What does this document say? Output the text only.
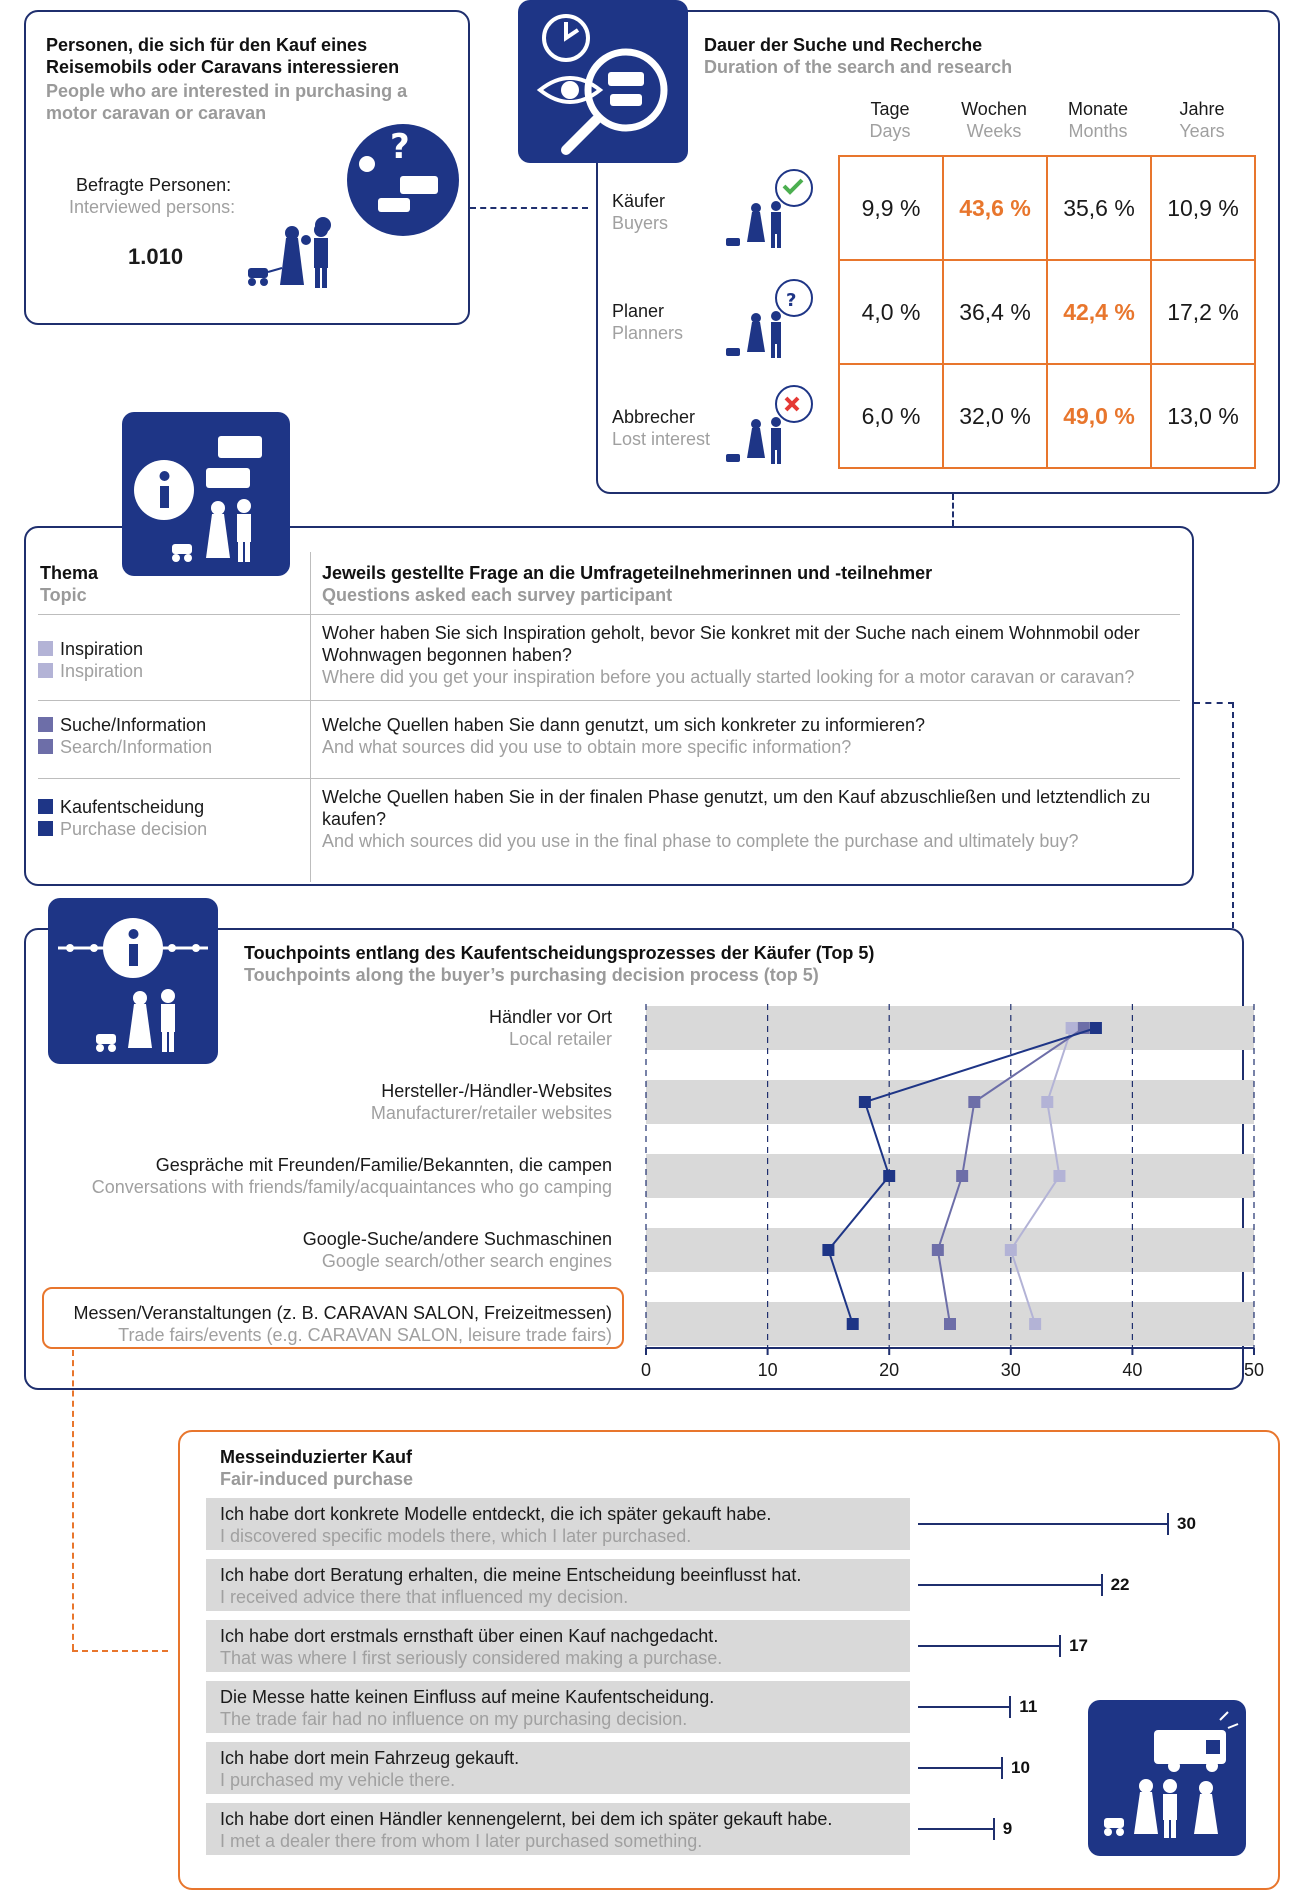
Personen, die sich für den Kauf eines Reisemobils oder Caravans interessieren
People who are interested in purchasing a motor caravan or caravan
Befragte Personen:
Interviewed persons:
1.010
?
Dauer der Suche und Recherche
Duration of the search and research
Tage
Days
Wochen
Weeks
Monate
Months
Jahre
Years
Käufer
Buyers
Planer
Planners
?
Abbrecher
Lost interest
9,9 %	43,6 %	35,6 %	10,9 %
4,0 %	36,4 %	42,4 %	17,2 %
6,0 %	32,0 %	49,0 %	13,0 %
Thema
Topic
Jeweils gestellte Frage an die Umfrageteilnehmerinnen und -teilnehmer
Questions asked each survey participant
Inspiration
Inspiration
Woher haben Sie sich Inspiration geholt, bevor Sie konkret mit der Suche nach einem Wohnmobil oder Wohnwagen begonnen haben?
Where did you get your inspiration before you actually started looking for a motor caravan or caravan?
Suche/Information
Search/Information
Welche Quellen haben Sie dann genutzt, um sich konkreter zu informieren?
And what sources did you use to obtain more specific information?
Kaufentscheidung
Purchase decision
Welche Quellen haben Sie in der finalen Phase genutzt, um den Kauf abzuschließen und letztendlich zu kaufen?
And which sources did you use in the final phase to complete the purchase and ultimately buy?
Touchpoints entlang des Kaufentscheidungsprozesses der Käufer (Top 5)
Touchpoints along the buyer’s purchasing decision process (top 5)
Händler vor Ort
Local retailer
Hersteller-/Händler-Websites
Manufacturer/retailer websites
Gespräche mit Freunden/Familie/Bekannten, die campen
Conversations with friends/family/acquaintances who go camping
Google-Suche/andere Suchmaschinen
Google search/other search engines
Messen/Veranstaltungen (z. B. CARAVAN SALON, Freizeitmessen)
Trade fairs/events (e.g. CARAVAN SALON, leisure trade fairs)
0	10	20	30	40	50
Messeinduzierter Kauf
Fair-induced purchase
Ich habe dort konkrete Modelle entdeckt, die ich später gekauft habe.
I discovered specific models there, which I later purchased.
30
Ich habe dort Beratung erhalten, die meine Entscheidung beeinflusst hat.
I received advice there that influenced my decision.
22
Ich habe dort erstmals ernsthaft über einen Kauf nachgedacht.
That was where I first seriously considered making a purchase.
17
Die Messe hatte keinen Einfluss auf meine Kaufentscheidung.
The trade fair had no influence on my purchasing decision.
11
Ich habe dort mein Fahrzeug gekauft.
I purchased my vehicle there.
10
Ich habe dort einen Händler kennengelernt, bei dem ich später gekauft habe.
I met a dealer there from whom I later purchased something.
9
